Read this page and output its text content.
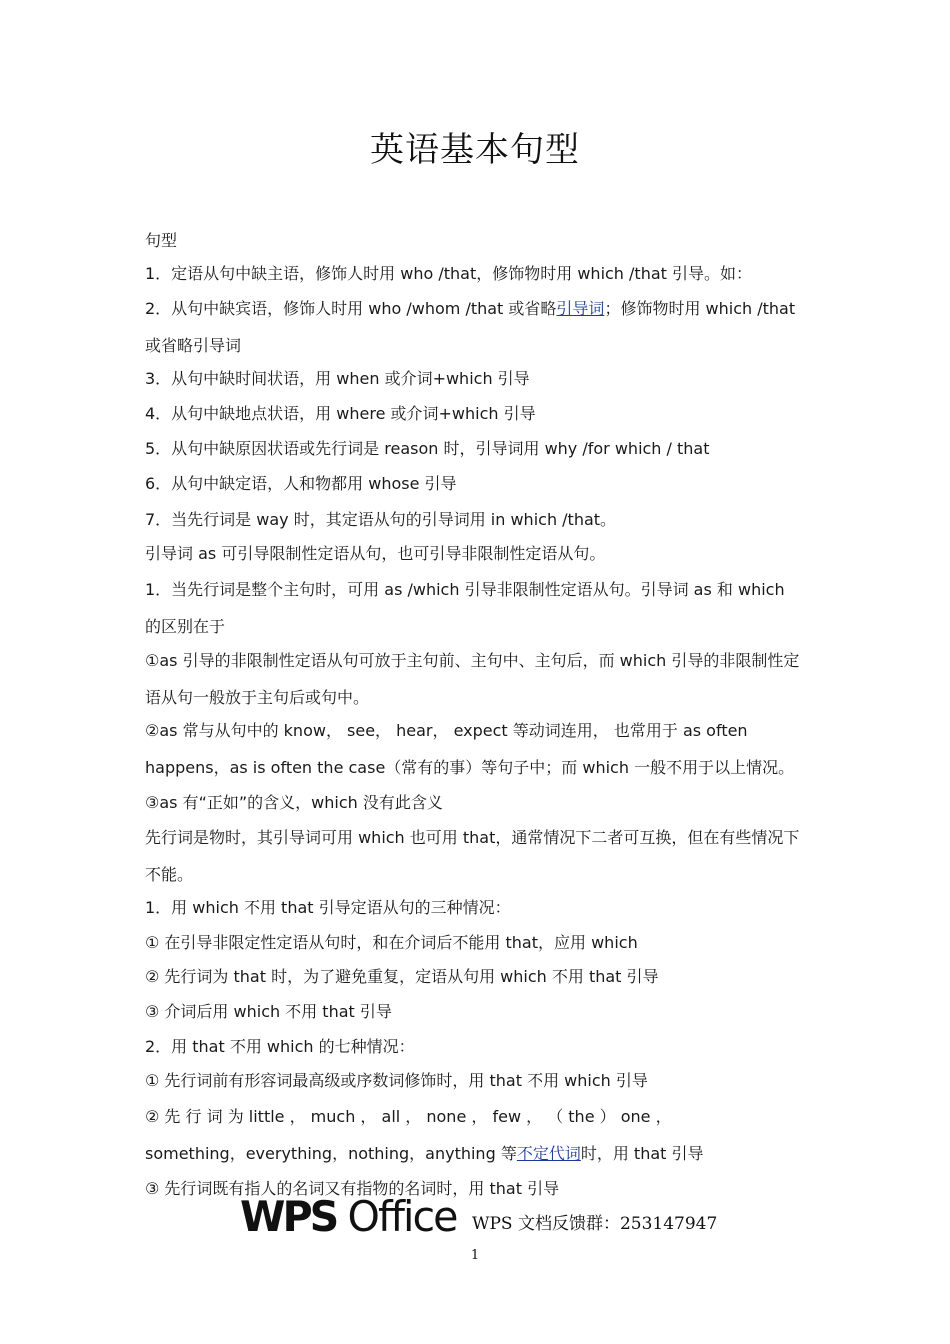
英语基本句型
句型
1．定语从句中缺主语，修饰人时用 who /that，修饰物时用 which /that 引导。如：
2．从句中缺宾语，修饰人时用 who /whom /that 或省略引导词；修饰物时用 which /that
或省略引导词
3．从句中缺时间状语，用 when 或介词+which 引导
4．从句中缺地点状语，用 where 或介词+which 引导
5．从句中缺原因状语或先行词是 reason 时，引导词用 why /for which / that
6．从句中缺定语，人和物都用 whose 引导
7．当先行词是 way 时，其定语从句的引导词用 in which /that。
引导词 as 可引导限制性定语从句，也可引导非限制性定语从句。
1．当先行词是整个主句时，可用 as /which 引导非限制性定语从句。引导词 as 和 which
的区别在于
①as 引导的非限制性定语从句可放于主句前、主句中、主句后，而 which 引导的非限制性定
语从句一般放于主句后或句中。
②as 常与从句中的 know， see， hear， expect 等动词连用， 也常用于 as often
happens，as is often the case（常有的事）等句子中；而 which 一般不用于以上情况。
③as 有“正如”的含义，which 没有此含义
先行词是物时，其引导词可用 which 也可用 that，通常情况下二者可互换，但在有些情况下
不能。
1．用 which 不用 that 引导定语从句的三种情况：
① 在引导非限定性定语从句时，和在介词后不能用 that，应用 which
② 先行词为 that 时，为了避免重复，定语从句用 which 不用 that 引导
③ 介词后用 which 不用 that 引导
2．用 that 不用 which 的七种情况：
① 先行词前有形容词最高级或序数词修饰时，用 that 不用 which 引导
② 先 行 词 为 little ， much ， all ， none ， few ， （ the ） one ，
something，everything，nothing，anything 等不定代词时，用 that 引导
③ 先行词既有指人的名词又有指物的名词时，用 that 引导
WPS Office WPS 文档反馈群：253147947
1
